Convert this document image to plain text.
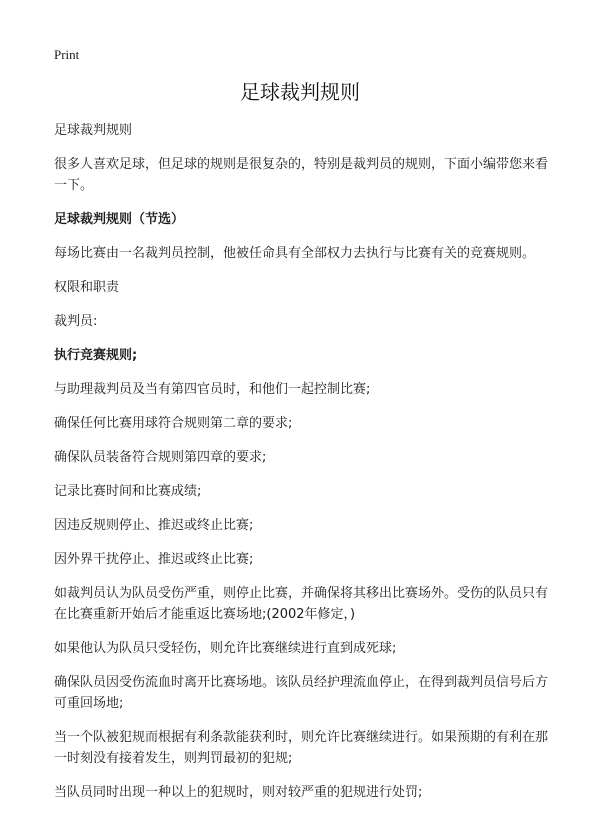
Print
足球裁判规则

足球裁判规则

很多人喜欢足球，但足球的规则是很复杂的，特别是裁判员的规则，下面小编带您来看一下。

足球裁判规则（节选）

每场比赛由一名裁判员控制，他被任命具有全部权力去执行与比赛有关的竞赛规则。

权限和职责

裁判员:

执行竞赛规则;

与助理裁判员及当有第四官员时，和他们一起控制比赛;

确保任何比赛用球符合规则第二章的要求;

确保队员装备符合规则第四章的要求;

记录比赛时间和比赛成绩;

因违反规则停止、推迟或终止比赛;

因外界干扰停止、推迟或终止比赛;

如裁判员认为队员受伤严重，则停止比赛，并确保将其移出比赛场外。受伤的队员只有在比赛重新开始后才能重返比赛场地;(2002年修定，)

如果他认为队员只受轻伤，则允许比赛继续进行直到成死球;

确保队员因受伤流血时离开比赛场地。该队员经护理流血停止，在得到裁判员信号后方可重回场地;

当一个队被犯规而根据有利条款能获利时，则允许比赛继续进行。如果预期的有利在那一时刻没有接着发生，则判罚最初的犯规;

当队员同时出现一种以上的犯规时，则对较严重的犯规进行处罚;
